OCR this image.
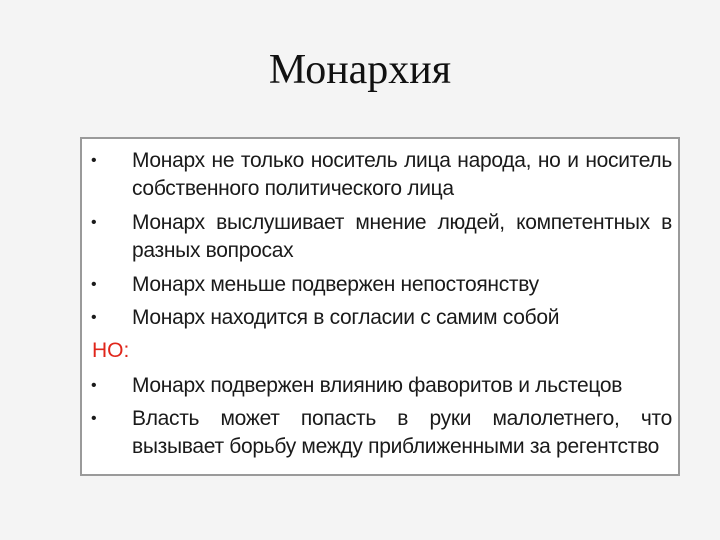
Монархия
• Монарх не только носитель лица народа, но и носитель собственного политического лица
• Монарх выслушивает мнение людей, компетентных в разных вопросах
• Монарх меньше подвержен непостоянству
• Монарх находится в согласии с самим собой
НО:
• Монарх подвержен влиянию фаворитов и льстецов
• Власть может попасть в руки малолетнего, что вызывает борьбу между приближенными за регентство
